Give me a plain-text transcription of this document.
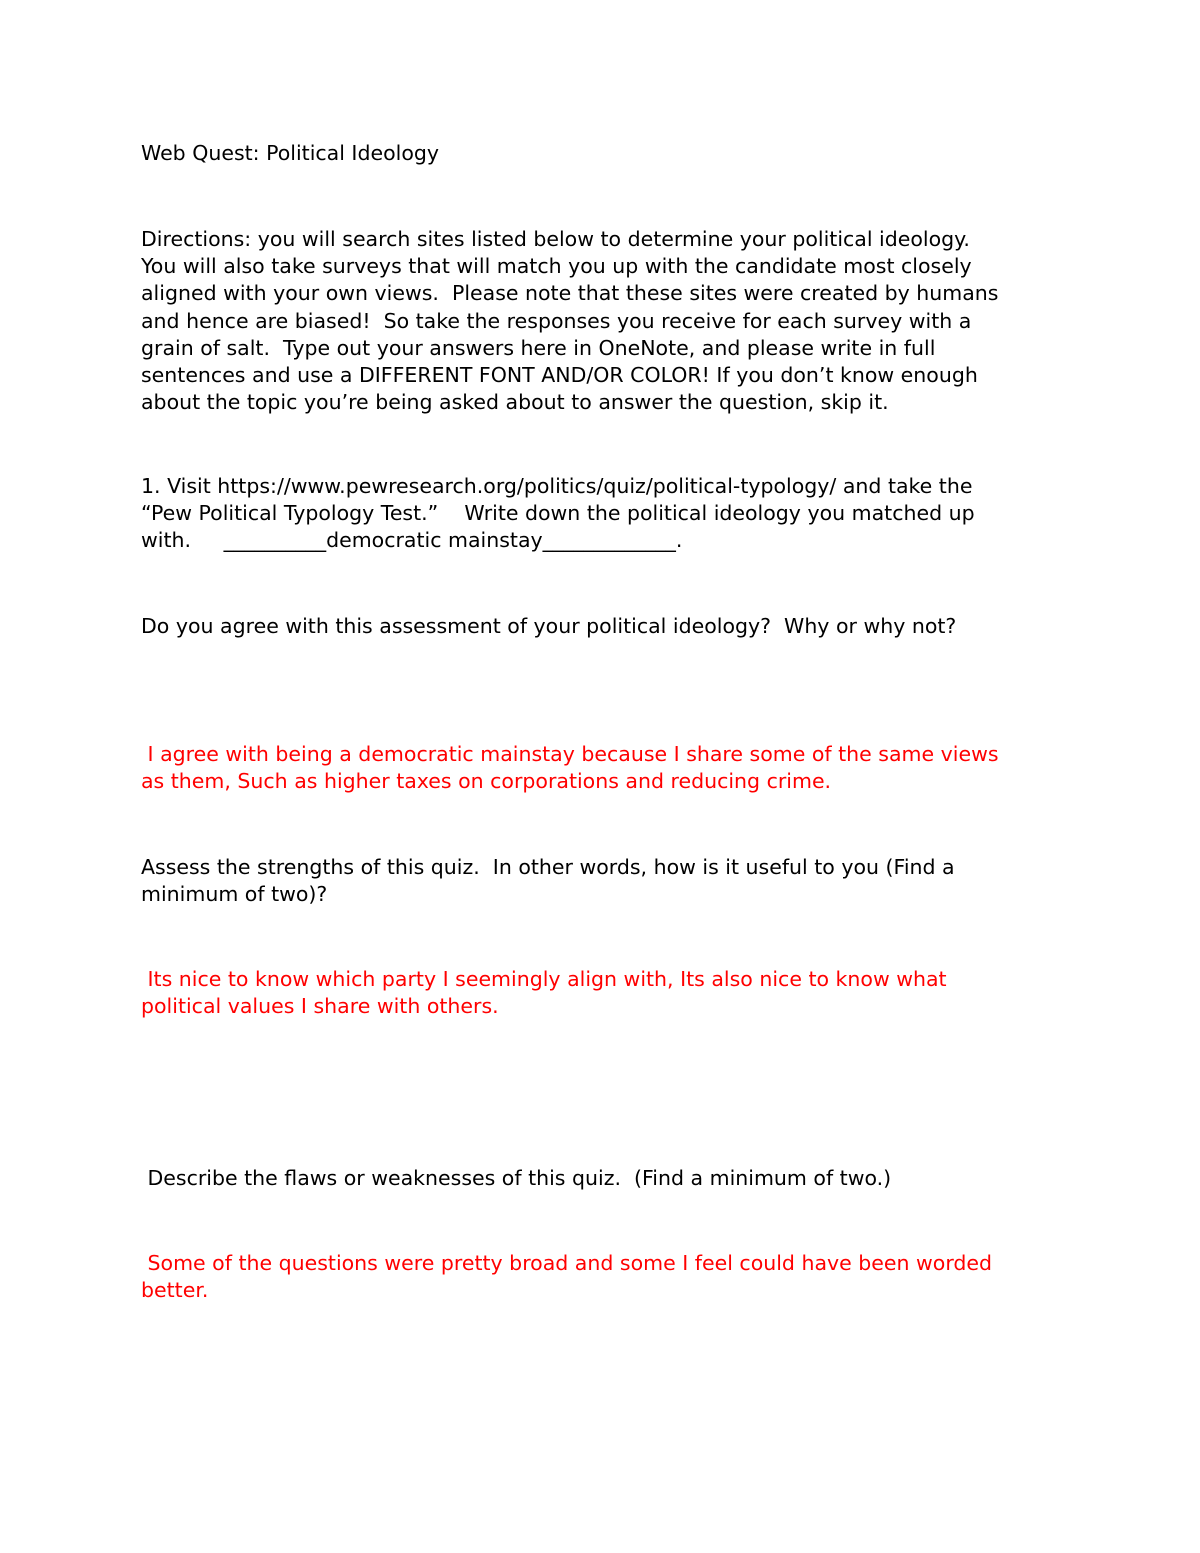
Web Quest: Political Ideology

Directions: you will search sites listed below to determine your political ideology.
You will also take surveys that will match you up with the candidate most closely
aligned with your own views.  Please note that these sites were created by humans
and hence are biased!  So take the responses you receive for each survey with a
grain of salt.  Type out your answers here in OneNote, and please write in full
sentences and use a DIFFERENT FONT AND/OR COLOR! If you don’t know enough
about the topic you’re being asked about to answer the question, skip it.

1. Visit https://www.pewresearch.org/politics/quiz/political-typology/ and take the
“Pew Political Typology Test.”    Write down the political ideology you matched up
with.     __________democratic mainstay_____________.

Do you agree with this assessment of your political ideology?  Why or why not?

I agree with being a democratic mainstay because I share some of the same views
as them, Such as higher taxes on corporations and reducing crime.

Assess the strengths of this quiz.  In other words, how is it useful to you (Find a
minimum of two)?

Its nice to know which party I seemingly align with, Its also nice to know what
political values I share with others.

Describe the flaws or weaknesses of this quiz.  (Find a minimum of two.)

Some of the questions were pretty broad and some I feel could have been worded
better.
